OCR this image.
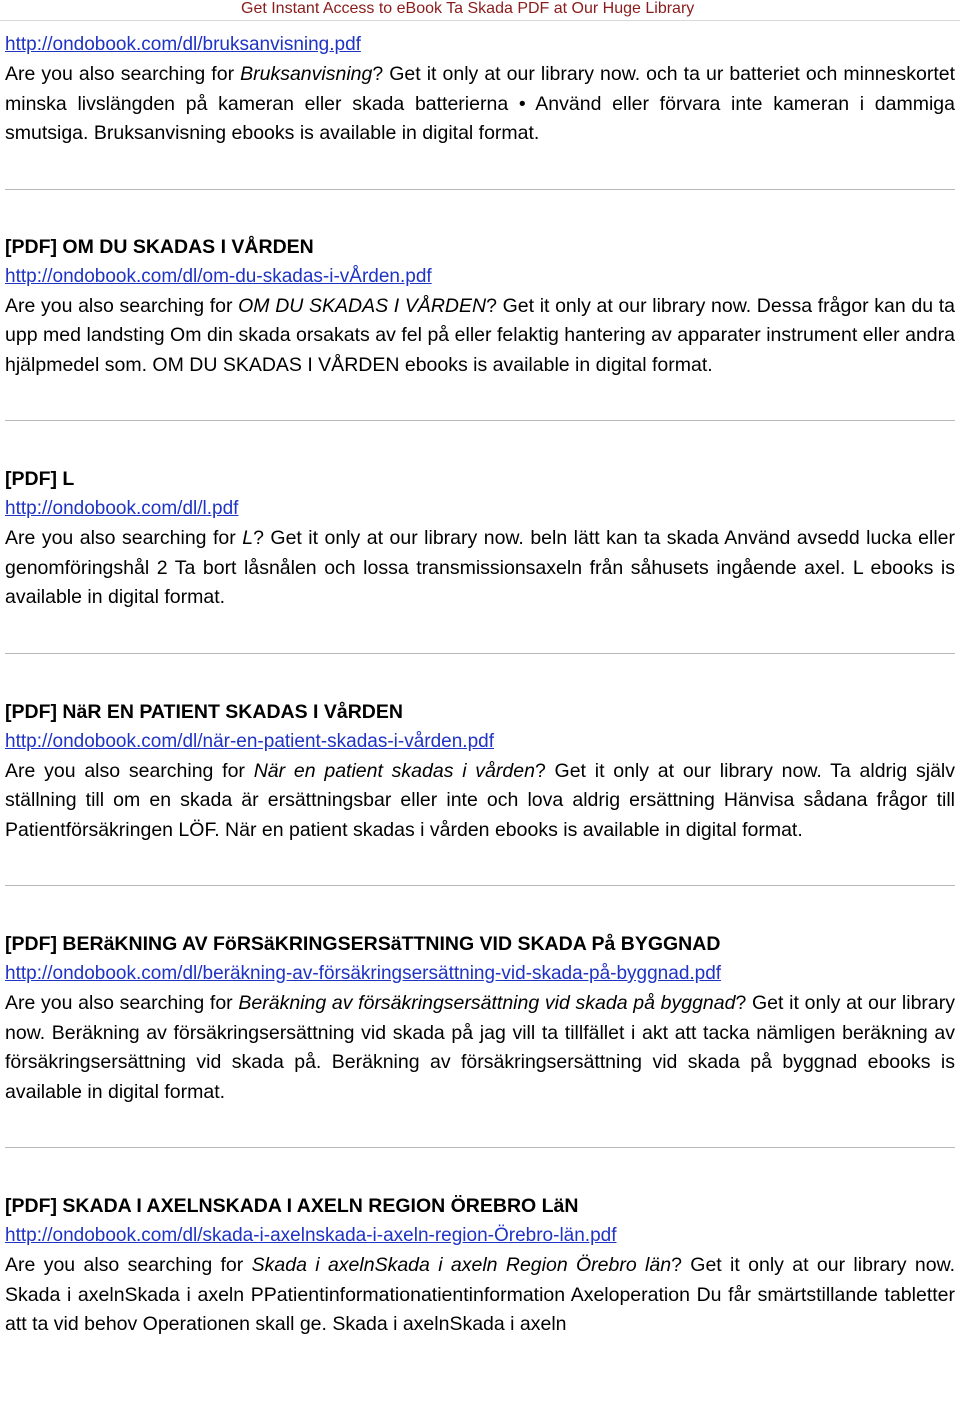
Get Instant Access to eBook Ta Skada PDF at Our Huge Library
http://ondobook.com/dl/bruksanvisning.pdf

Are you also searching for Bruksanvisning? Get it only at our library now. och ta ur batteriet och minneskortet minska livslängden på kameran eller skada batterierna • Använd eller förvara inte kameran i dammiga smutsiga. Bruksanvisning ebooks is available in digital format.

[PDF] OM DU SKADAS I VÅRDEN
http://ondobook.com/dl/om-du-skadas-i-vÅrden.pdf

Are you also searching for OM DU SKADAS I VÅRDEN? Get it only at our library now. Dessa frågor kan du ta upp med landsting Om din skada orsakats av fel på eller felaktig hantering av apparater instrument eller andra hjälpmedel som. OM DU SKADAS I VÅRDEN ebooks is available in digital format.

[PDF] L
http://ondobook.com/dl/l.pdf

Are you also searching for L? Get it only at our library now. beln lätt kan ta skada Använd avsedd lucka eller genomföringshål 2 Ta bort låsnålen och lossa transmissionsaxeln från såhusets ingående axel. L ebooks is available in digital format.

[PDF] NäR EN PATIENT SKADAS I VåRDEN
http://ondobook.com/dl/när-en-patient-skadas-i-vården.pdf

Are you also searching for När en patient skadas i vården? Get it only at our library now. Ta aldrig själv ställning till om en skada är ersättningsbar eller inte och lova aldrig ersättning Hänvisa sådana frågor till Patientförsäkringen LÖF. När en patient skadas i vården ebooks is available in digital format.

[PDF] BERäKNING AV FöRSäKRINGSERSäTTNING VID SKADA På BYGGNAD
http://ondobook.com/dl/beräkning-av-försäkringsersättning-vid-skada-på-byggnad.pdf

Are you also searching for Beräkning av försäkringsersättning vid skada på byggnad? Get it only at our library now. Beräkning av försäkringsersättning vid skada på jag vill ta tillfället i akt att tacka nämligen beräkning av försäkringsersättning vid skada på. Beräkning av försäkringsersättning vid skada på byggnad ebooks is available in digital format.

[PDF] SKADA I AXELNSKADA I AXELN REGION ÖREBRO LäN
http://ondobook.com/dl/skada-i-axelnskada-i-axeln-region-Örebro-län.pdf

Are you also searching for Skada i axelnSkada i axeln Region Örebro län? Get it only at our library now. Skada i axelnSkada i axeln PPatientinformationatientinformation Axeloperation Du får smärtstillande tabletter att ta vid behov Operationen skall ge. Skada i axelnSkada i axeln
